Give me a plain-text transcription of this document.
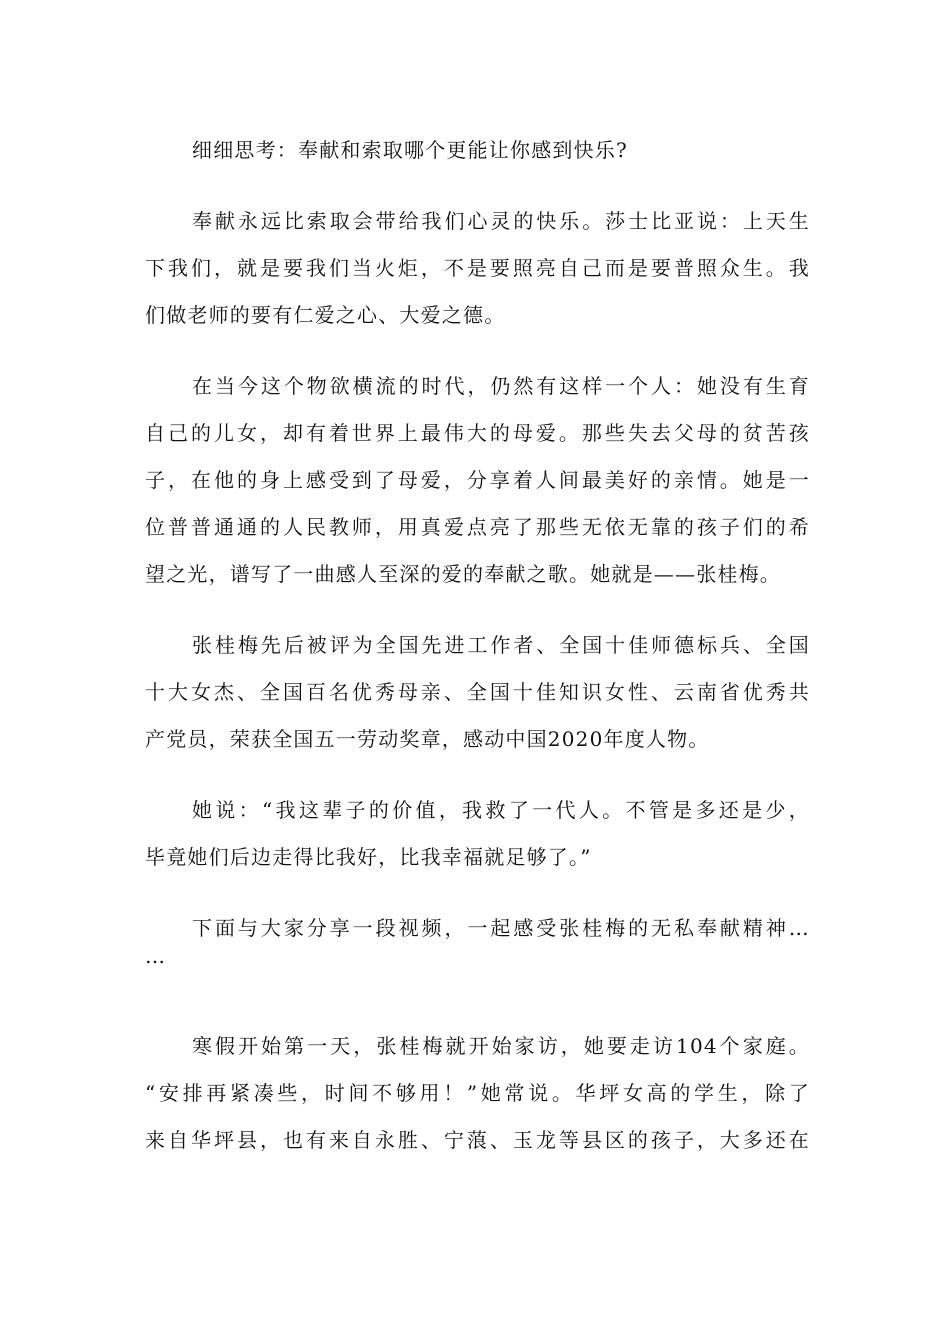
细细思考：奉献和索取哪个更能让你感到快乐?
奉献永远比索取会带给我们心灵的快乐。莎士比亚说：上天生
下我们，就是要我们当火炬，不是要照亮自己而是要普照众生。我
们做老师的要有仁爱之心、大爱之德。
在当今这个物欲横流的时代，仍然有这样一个人：她没有生育
自己的儿女，却有着世界上最伟大的母爱。那些失去父母的贫苦孩
子，在他的身上感受到了母爱，分享着人间最美好的亲情。她是一
位普普通通的人民教师，用真爱点亮了那些无依无靠的孩子们的希
望之光，谱写了一曲感人至深的爱的奉献之歌。她就是——张桂梅。
张桂梅先后被评为全国先进工作者、全国十佳师德标兵、全国
十大女杰、全国百名优秀母亲、全国十佳知识女性、云南省优秀共
产党员，荣获全国五一劳动奖章，感动中国2020年度人物。
她说：“我这辈子的价值，我救了一代人。不管是多还是少，
毕竟她们后边走得比我好，比我幸福就足够了。”
下面与大家分享一段视频，一起感受张桂梅的无私奉献精神…
…
寒假开始第一天，张桂梅就开始家访，她要走访104个家庭。
“安排再紧凑些，时间不够用！”她常说。华坪女高的学生，除了
来自华坪县，也有来自永胜、宁蒗、玉龙等县区的孩子，大多还在
